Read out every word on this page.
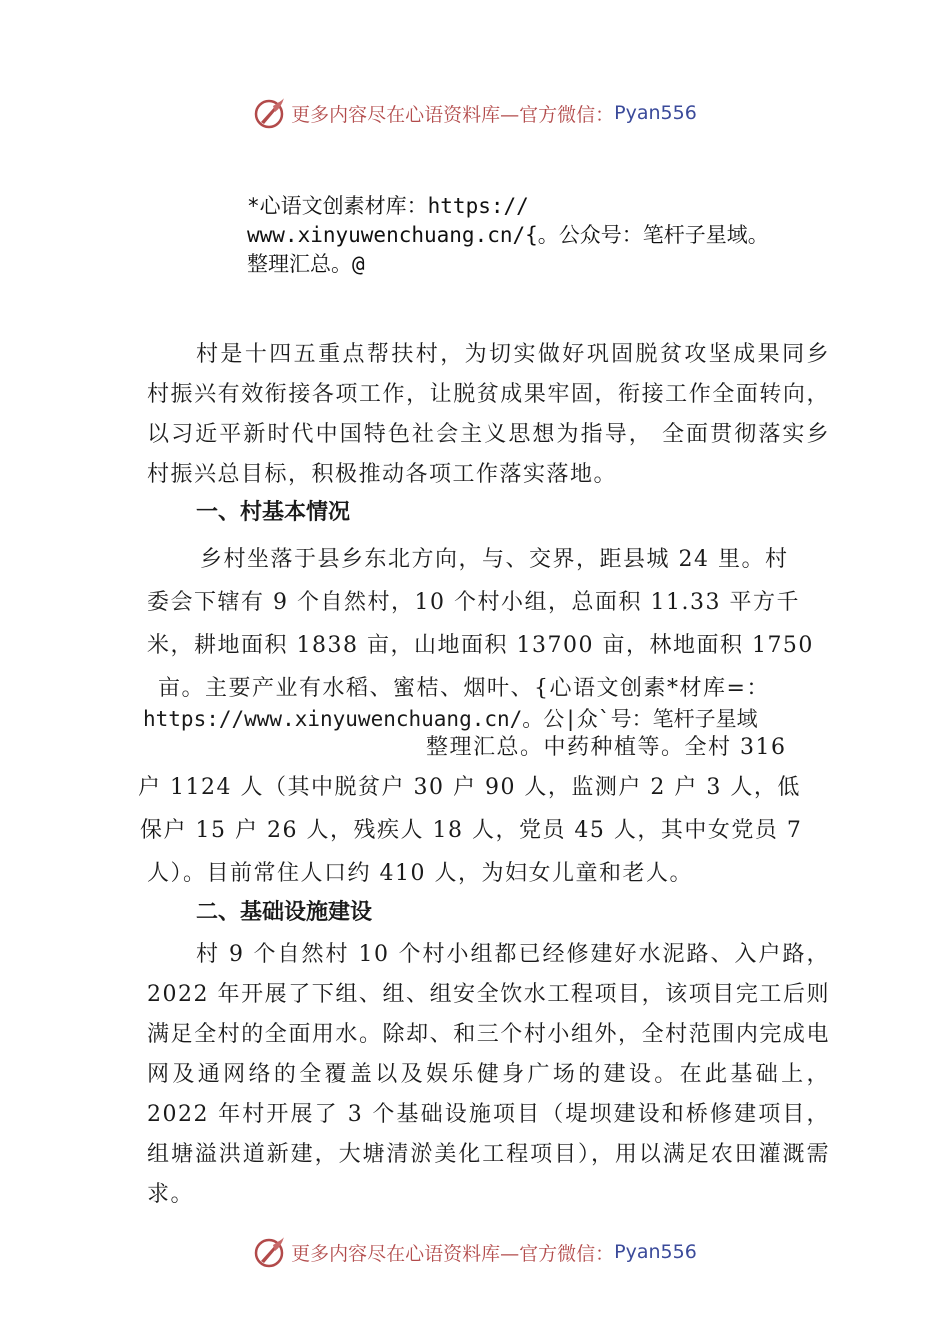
更多内容尽在心语资料库—官方微信： Pyan556
*心语文创素材库：https://
www.xinyuwenchuang.cn/{。公众号：笔杆子星域。
整理汇总。@

村是十四五重点帮扶村，为切实做好巩固脱贫攻坚成果同乡村振兴有效衔接各项工作，让脱贫成果牢固，衔接工作全面转向，以习近平新时代中国特色社会主义思想为指导， 全面贯彻落实乡村振兴总目标，积极推动各项工作落实落地。

一、村基本情况
乡村坐落于县乡东北方向，与、交界，距县城 24 里。村
委会下辖有 9 个自然村，10 个村小组，总面积 11.33 平方千
米，耕地面积 1838 亩，山地面积 13700 亩，林地面积 1750
亩。主要产业有水稻、蜜桔、烟叶、{心语文创素*材库=：
https://www.xinyuwenchuang.cn/。公|众`号：笔杆子星域
整理汇总。中药种植等。全村 316
户 1124 人（其中脱贫户 30 户 90 人，监测户 2 户 3 人，低
保户 15 户 26 人，残疾人 18 人，党员 45 人，其中女党员 7
人）。目前常住人口约 410 人，为妇女儿童和老人。
二、基础设施建设

村 9 个自然村 10 个村小组都已经修建好水泥路、入户路，2022 年开展了下组、组、组安全饮水工程项目，该项目完工后则满足全村的全面用水。除却、和三个村小组外，全村范围内完成电网及通网络的全覆盖以及娱乐健身广场的建设。在此基础上，2022 年村开展了 3 个基础设施项目（堤坝建设和桥修建项目，组塘溢洪道新建，大塘清淤美化工程项目），用以满足农田灌溉需求。

更多内容尽在心语资料库—官方微信： Pyan556
